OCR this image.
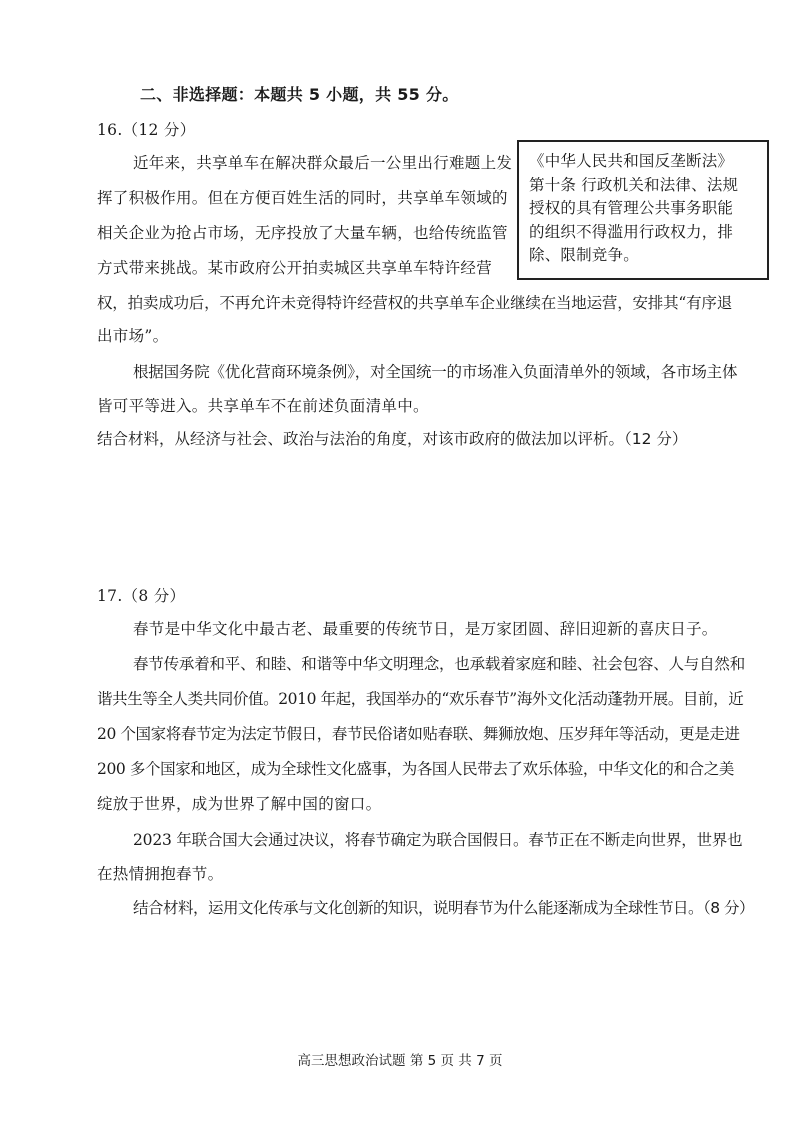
二、非选择题：本题共 5 小题，共 55 分。
16.（12 分）
近年来，共享单车在解决群众最后一公里出行难题上发
挥了积极作用。但在方便百姓生活的同时，共享单车领域的
相关企业为抢占市场，无序投放了大量车辆，也给传统监管
方式带来挑战。某市政府公开拍卖城区共享单车特许经营
权，拍卖成功后，不再允许未竞得特许经营权的共享单车企业继续在当地运营，安排其“有序退
出市场”。
《中华人民共和国反垄断法》
第十条 行政机关和法律、法规
授权的具有管理公共事务职能
的组织不得滥用行政权力，排
除、限制竞争。
根据国务院《优化营商环境条例》，对全国统一的市场准入负面清单外的领域，各市场主体
皆可平等进入。共享单车不在前述负面清单中。
结合材料，从经济与社会、政治与法治的角度，对该市政府的做法加以评析。（12 分）
17.（8 分）
春节是中华文化中最古老、最重要的传统节日，是万家团圆、辞旧迎新的喜庆日子。
春节传承着和平、和睦、和谐等中华文明理念，也承载着家庭和睦、社会包容、人与自然和
谐共生等全人类共同价值。2010 年起，我国举办的“欢乐春节”海外文化活动蓬勃开展。目前，近
20 个国家将春节定为法定节假日，春节民俗诸如贴春联、舞狮放炮、压岁拜年等活动，更是走进
200 多个国家和地区，成为全球性文化盛事，为各国人民带去了欢乐体验，中华文化的和合之美
绽放于世界，成为世界了解中国的窗口。
2023 年联合国大会通过决议，将春节确定为联合国假日。春节正在不断走向世界，世界也
在热情拥抱春节。
结合材料，运用文化传承与文化创新的知识，说明春节为什么能逐渐成为全球性节日。（8 分）
高三思想政治试题 第 5 页 共 7 页
